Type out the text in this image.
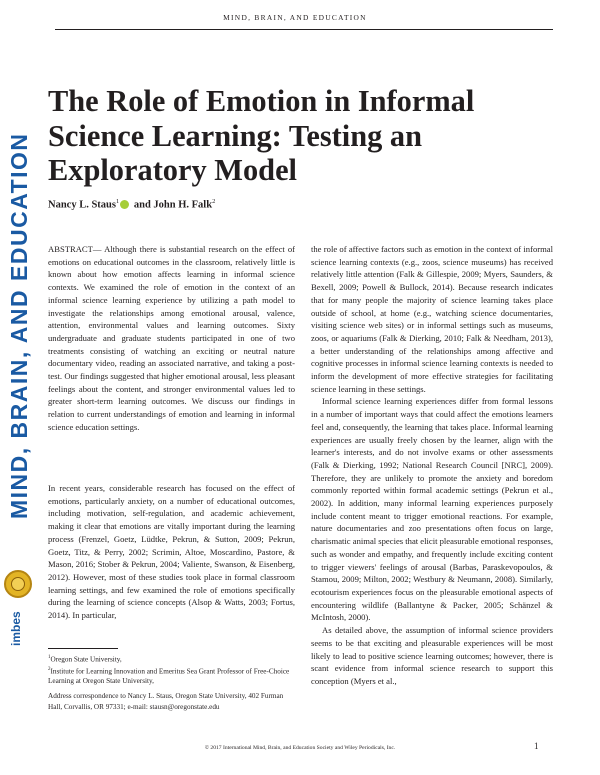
MIND, BRAIN, AND EDUCATION
MIND, BRAIN, AND EDUCATION
imbes
The Role of Emotion in Informal Science Learning: Testing an Exploratory Model
Nancy L. Staus$^1$ and John H. Falk$^2$

ABSTRACT— Although there is substantial research on the effect of emotions on educational outcomes in the classroom, relatively little is known about how emotion affects learning in informal science contexts. We examined the role of emotion in the context of an informal science learning experience by utilizing a path model to investigate the relationships among emotional arousal, valence, attention, environmental values and learning outcomes. Sixty undergraduate and graduate students participated in one of two treatments consisting of watching an exciting or neutral nature documentary video, reading an associated narrative, and taking a post-test. Our findings suggested that higher emotional arousal, less pleasant feelings about the content, and stronger environmental values led to greater short-term learning outcomes. We discuss our findings in relation to current understandings of emotion and learning in informal science education settings.

In recent years, considerable research has focused on the effect of emotions, particularly anxiety, on a number of educational outcomes, including motivation, self-regulation, and academic achievement, making it clear that emotions are vitally important during the learning process (Frenzel, Goetz, Lüdtke, Pekrun, & Sutton, 2009; Pekrun, Goetz, Titz, & Perry, 2002; Scrimin, Altoe, Moscardino, Pastore, & Mason, 2016; Stober & Pekrun, 2004; Valiente, Swanson, & Eisenberg, 2012). However, most of these studies took place in formal classroom learning settings, and few examined the role of emotions specifically during the learning of science concepts (Alsop & Watts, 2003; Fortus, 2014). In particular,

the role of affective factors such as emotion in the context of informal science learning contexts (e.g., zoos, science museums) has received relatively little attention (Falk & Gillespie, 2009; Myers, Saunders, & Bexell, 2009; Powell & Bullock, 2014). Because research indicates that for many people the majority of science learning takes place outside of school, at home (e.g., watching science documentaries, visiting science web sites) or in informal settings such as museums, zoos, or aquariums (Falk & Dierking, 2010; Falk & Needham, 2013), a better understanding of the relationships among affective and cognitive processes in informal science learning contexts is needed to inform the development of more effective strategies for facilitating science learning in these settings.

Informal science learning experiences differ from formal lessons in a number of important ways that could affect the emotions learners feel and, consequently, the learning that takes place. Informal learning experiences are usually freely chosen by the learner, align with the learner's interests, and do not involve exams or other assessments (Falk & Dierking, 1992; National Research Council [NRC], 2009). Therefore, they are unlikely to promote the anxiety and boredom commonly reported within formal academic settings (Pekrun et al., 2002). In addition, many informal learning experiences purposely include content meant to trigger emotional reactions. For example, nature documentaries and zoo presentations often focus on large, charismatic animal species that elicit pleasurable emotional responses, such as wonder and empathy, and frequently include exciting content to trigger viewers' feelings of arousal (Barbas, Paraskevopoulos, & Stamou, 2009; Milton, 2002; Westbury & Neumann, 2008). Similarly, ecotourism experiences focus on the pleasurable emotional aspects of encountering wildlife (Ballantyne & Packer, 2005; Schänzel & McIntosh, 2000).

As detailed above, the assumption of informal science providers seems to be that exciting and pleasurable experiences will be most likely to lead to positive science learning outcomes; however, there is scant evidence from informal science research to support this conception (Myers et al.,

$^1$Oregon State University,

$^2$Institute for Learning Innovation and Emeritus Sea Grant Professor of Free-Choice Learning at Oregon State University,

Address correspondence to Nancy L. Staus, Oregon State University, 402 Furman Hall, Corvallis, OR 97331; e-mail: stausn@oregonstate.edu

© 2017 International Mind, Brain, and Education Society and Wiley Periodicals, Inc.	1
